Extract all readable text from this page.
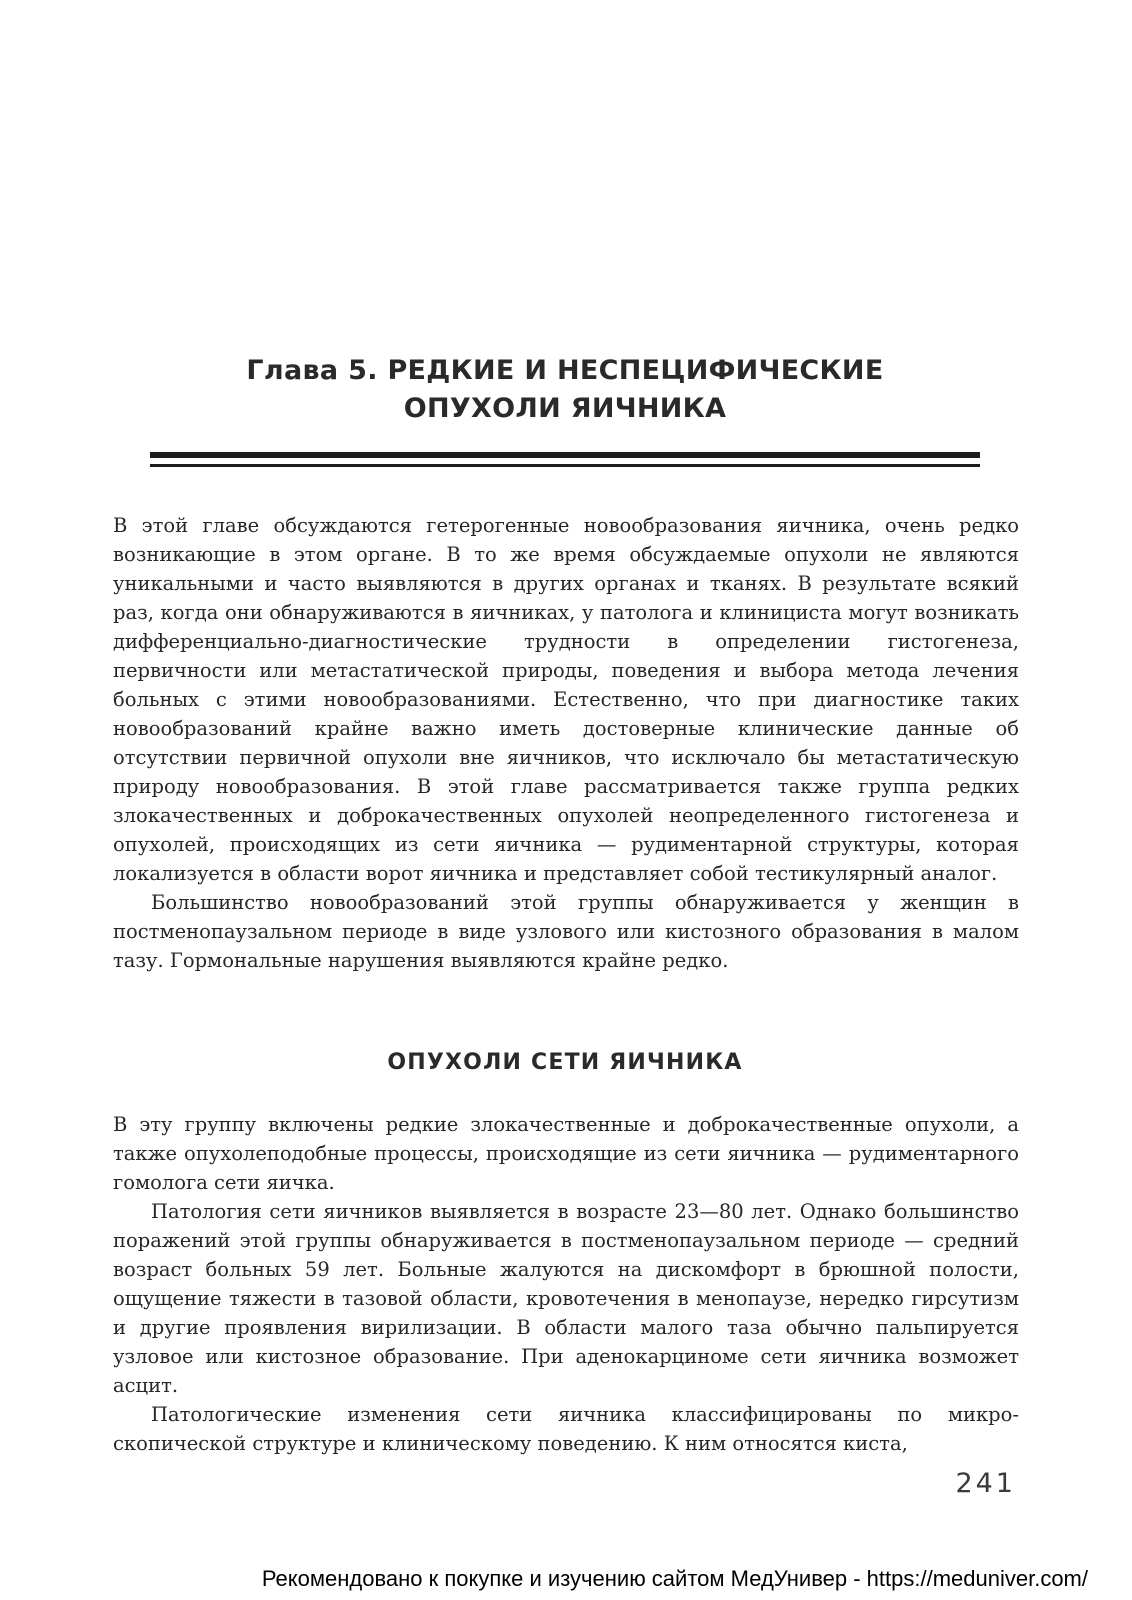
Глава 5. РЕДКИЕ И НЕСПЕЦИФИЧЕСКИЕ
ОПУХОЛИ ЯИЧНИКА

В этой главе обсуждаются гетерогенные новообразования яичника, очень редко возникающие в этом органе. В то же время обсуждаемые опухоли не являются уникальными и часто выявляются в других органах и тканях. В результате всякий раз, когда они обнаруживаются в яичниках, у патолога и клинициста могут возникать дифференциально-диагностические трудности в определении гистогенеза, первичности или метастатической природы, поведения и выбора метода лечения больных с этими новообразованиями. Естественно, что при диагностике таких новообразований крайне важно иметь достоверные клинические данные об отсутствии первичной опухоли вне яичников, что исключало бы метастатическую природу новообразования. В этой главе рассматривается также группа редких злокачественных и доброкачественных опухолей неопределенного гистогенеза и опухолей, происходящих из сети яичника — рудиментарной структуры, которая локализуется в области ворот яичника и представляет собой тестикулярный аналог.

Большинство новообразований этой группы обнаруживается у женщин в постменопаузальном периоде в виде узлового или кистозного образования в малом тазу. Гормональные нарушения выявляются крайне редко.

ОПУХОЛИ СЕТИ ЯИЧНИКА

В эту группу включены редкие злокачественные и доброкачественные опухоли, а также опухолеподобные процессы, происходящие из сети яичника — рудиментарного гомолога сети яичка.

Патология сети яичников выявляется в возрасте 23—80 лет. Однако большинство поражений этой группы обнаруживается в постменопаузальном периоде — средний возраст больных 59 лет. Больные жалуются на дискомфорт в брюшной полости, ощущение тяжести в тазовой области, кровотечения в менопаузе, нередко гирсутизм и другие проявления вирилизации. В области малого таза обычно пальпируется узловое или кистозное образование. При аденокарциноме сети яичника возможет асцит.

Патологические изменения сети яичника классифицированы по микроскопической структуре и клиническому поведению. К ним относятся киста,

241
Рекомендовано к покупке и изучению сайтом МедУнивер - https://meduniver.com/
